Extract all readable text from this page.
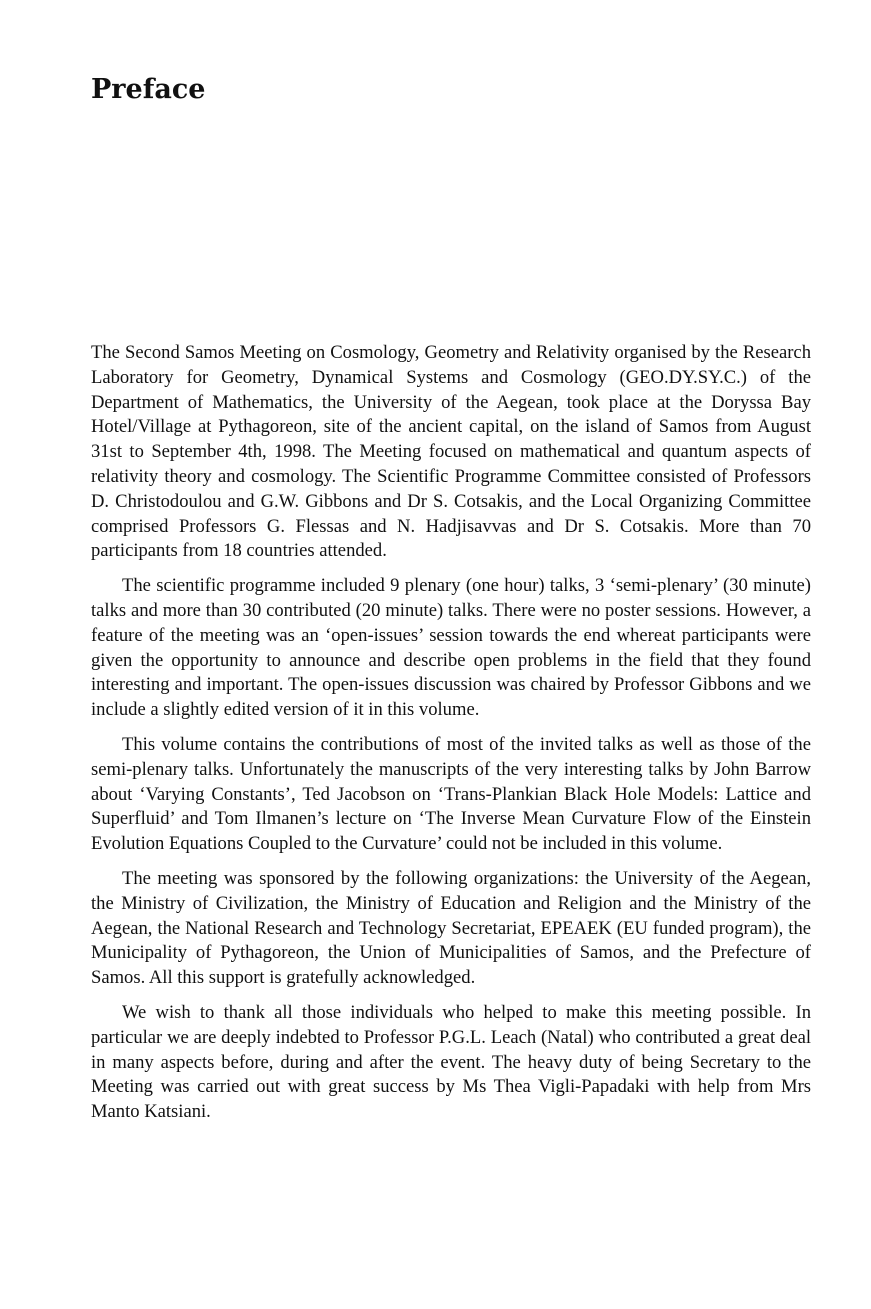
Preface

The Second Samos Meeting on Cosmology, Geometry and Relativity organised by the Research Laboratory for Geometry, Dynamical Systems and Cosmology (GEO.DY.SY.C.) of the Department of Mathematics, the University of the Aegean, took place at the Doryssa Bay Hotel/Village at Pythagoreon, site of the ancient capital, on the island of Samos from August 31st to September 4th, 1998. The Meeting focused on mathematical and quantum aspects of relativity theory and cosmology. The Scientific Programme Committee consisted of Professors D. Christodoulou and G.W. Gibbons and Dr S. Cotsakis, and the Local Organizing Committee comprised Professors G. Flessas and N. Hadjisavvas and Dr S. Cotsakis. More than 70 participants from 18 countries attended.

The scientific programme included 9 plenary (one hour) talks, 3 ‘semi-plenary’ (30 minute) talks and more than 30 contributed (20 minute) talks. There were no poster sessions. However, a feature of the meeting was an ‘open-issues’ session towards the end whereat participants were given the opportunity to announce and describe open problems in the field that they found interesting and important. The open-issues discussion was chaired by Professor Gibbons and we include a slightly edited version of it in this volume.

This volume contains the contributions of most of the invited talks as well as those of the semi-plenary talks. Unfortunately the manuscripts of the very interesting talks by John Barrow about ‘Varying Constants’, Ted Jacobson on ‘Trans-Plankian Black Hole Models: Lattice and Superfluid’ and Tom Ilmanen’s lecture on ‘The Inverse Mean Curvature Flow of the Einstein Evolution Equations Coupled to the Curvature’ could not be included in this volume.

The meeting was sponsored by the following organizations: the University of the Aegean, the Ministry of Civilization, the Ministry of Education and Religion and the Ministry of the Aegean, the National Research and Technology Secretariat, EPEAEK (EU funded program), the Municipality of Pythagoreon, the Union of Municipalities of Samos, and the Prefecture of Samos. All this support is gratefully acknowledged.

We wish to thank all those individuals who helped to make this meeting possible. In particular we are deeply indebted to Professor P.G.L. Leach (Natal) who contributed a great deal in many aspects before, during and after the event. The heavy duty of being Secretary to the Meeting was carried out with great success by Ms Thea Vigli-Papadaki with help from Mrs Manto Katsiani.
